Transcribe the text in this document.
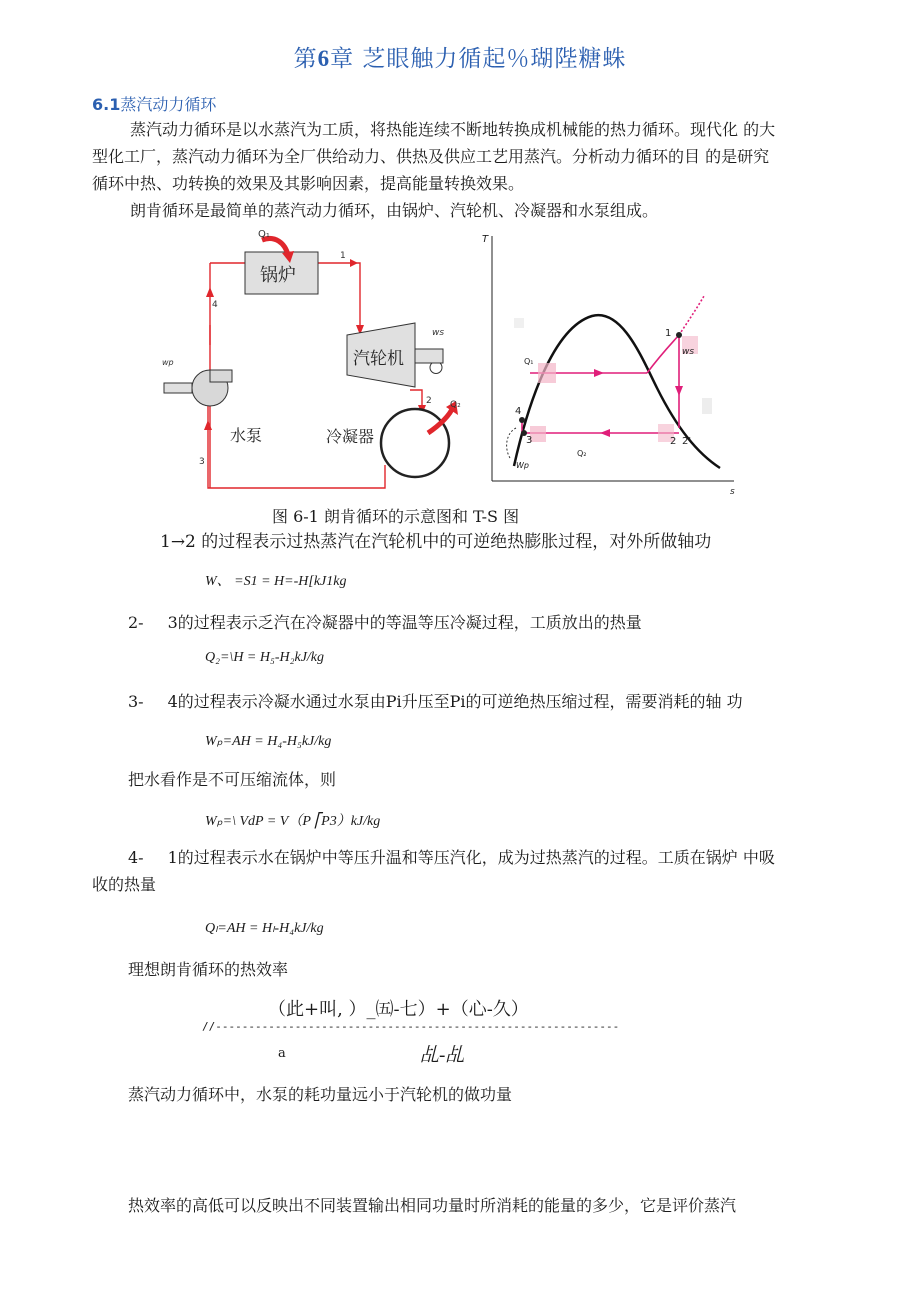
第6章 芝眼触力循起％瑚陛糖蛛
6.1蒸汽动力循环
蒸汽动力循环是以水蒸汽为工质，将热能连续不断地转换成机械能的热力循环。现代化 的大
型化工厂，蒸汽动力循环为全厂供给动力、供热及供应工艺用蒸汽。分析动力循环的目 的是研究
循环中热、功转换的效果及其影响因素，提高能量转换效果。
朗肯循环是最简单的蒸汽动力循环，由锅炉、汽轮机、冷凝器和水泵组成。
锅炉
Q₁
1
汽轮机
ws
冷凝器
2 Q₂
wp
水泵
4
3
T
s
1
ws
4
3	2 2'
Q₁
Q₂
Wp
图 6-1 朗肯循环的示意图和 T-S 图
1→2 的过程表示过热蒸汽在汽轮机中的可逆绝热膨胀过程，对外所做轴功
W、 =S1 = H=-H[kJ1kg
2- 3的过程表示乏汽在冷凝器中的等温等压冷凝过程，工质放出的热量
Q₂=\H = H₅-H₂kJ/kg
3- 4的过程表示冷凝水通过水泵由Pi升压至Pi的可逆绝热压缩过程，需要消耗的轴 功
Wₚ=AH = H₄-H₅kJ/kg
把水看作是不可压缩流体，则
Wₚ=\ VdP = V（P ⎡P3）kJ/kg
4- 1的过程表示水在锅炉中等压升温和等压汽化，成为过热蒸汽的过程。工质在锅炉 中吸
收的热量
Qₗ=AH = Hₗ-H₄kJ/kg
理想朗肯循环的热效率
（此+叫, ）_㈤-七）+（心-久）
//-------------------------------------------------------------
a	乩-乩
蒸汽动力循环中，水泵的耗功量远小于汽轮机的做功量
热效率的高低可以反映出不同装置输出相同功量时所消耗的能量的多少，它是评价蒸汽
